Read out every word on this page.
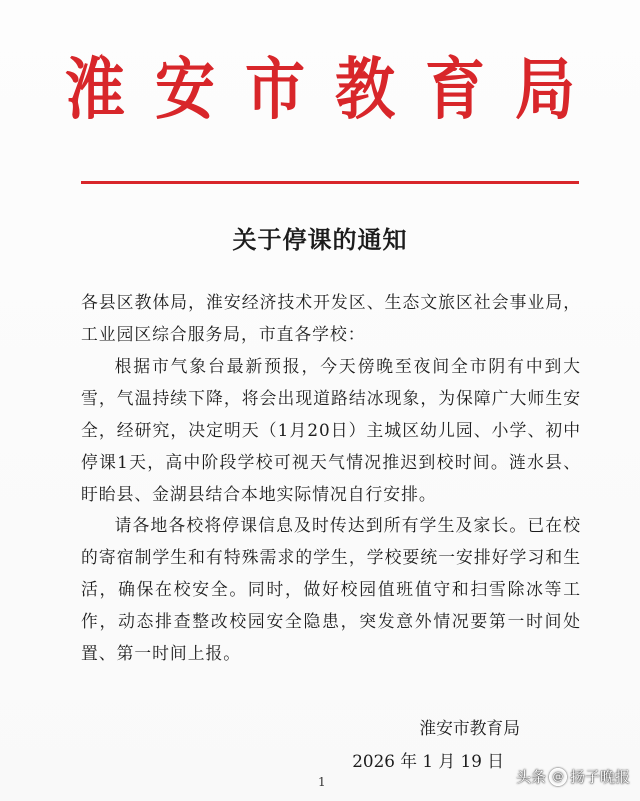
淮安市教育局
关于停课的通知

各县区教体局，淮安经济技术开发区、生态文旅区社会事业局，工业园区综合服务局，市直各学校：

根据市气象台最新预报，今天傍晚至夜间全市阴有中到大雪，气温持续下降，将会出现道路结冰现象，为保障广大师生安全，经研究，决定明天（1月20日）主城区幼儿园、小学、初中停课1天，高中阶段学校可视天气情况推迟到校时间。涟水县、盱眙县、金湖县结合本地实际情况自行安排。

请各地各校将停课信息及时传达到所有学生及家长。已在校的寄宿制学生和有特殊需求的学生，学校要统一安排好学习和生活，确保在校安全。同时，做好校园值班值守和扫雪除冰等工作，动态排查整改校园安全隐患，突发意外情况要第一时间处置、第一时间上报。

淮安市教育局
2026 年 1 月 19 日
1	头条 @ 扬子晚报
